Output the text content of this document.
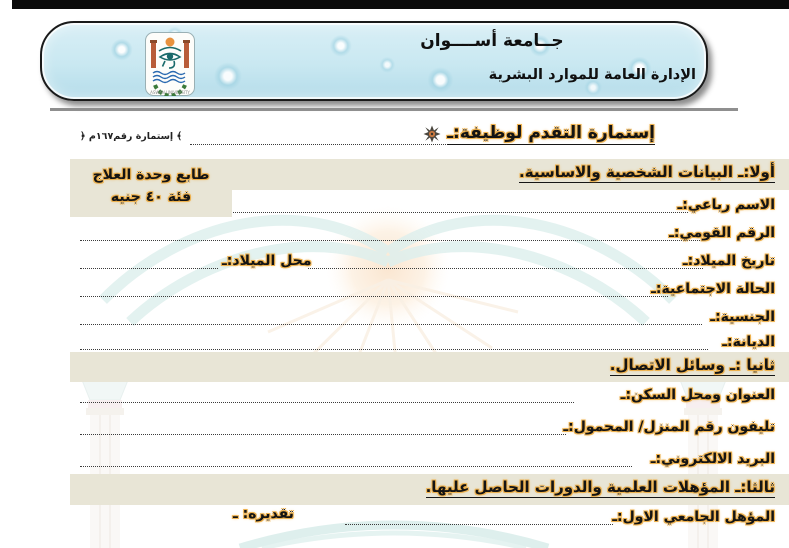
ASWAN UNIVERSITY
جــامعة أســــوان
الإدارة العامة للموارد البشرية
إستمارة التقدم لوظيفة:ـ
﴾ إستمارة رقم١٦٧م ﴿
طابع وحدة العلاج
فئة ٤٠ جنيه
أولا:ـ البيانات الشخصية والاساسية.
الاسم رباعي:ـ
الرقم القومي:ـ
تاريخ الميلاد:ـ
محل الميلاد:ـ
الحالة الاجتماعية:ـ
الجنسية:ـ
الديانة:ـ
ثانيا :ـ وسائل الاتصال.
العنوان ومحل السكن:ـ
تليفون رقم المنزل/ المحمول:ـ
البريد الالكتروني:ـ
ثالثا:ـ المؤهلات العلمية والدورات الحاصل عليها.
المؤهل الجامعي الاول:ـ
تقديره: ـ
